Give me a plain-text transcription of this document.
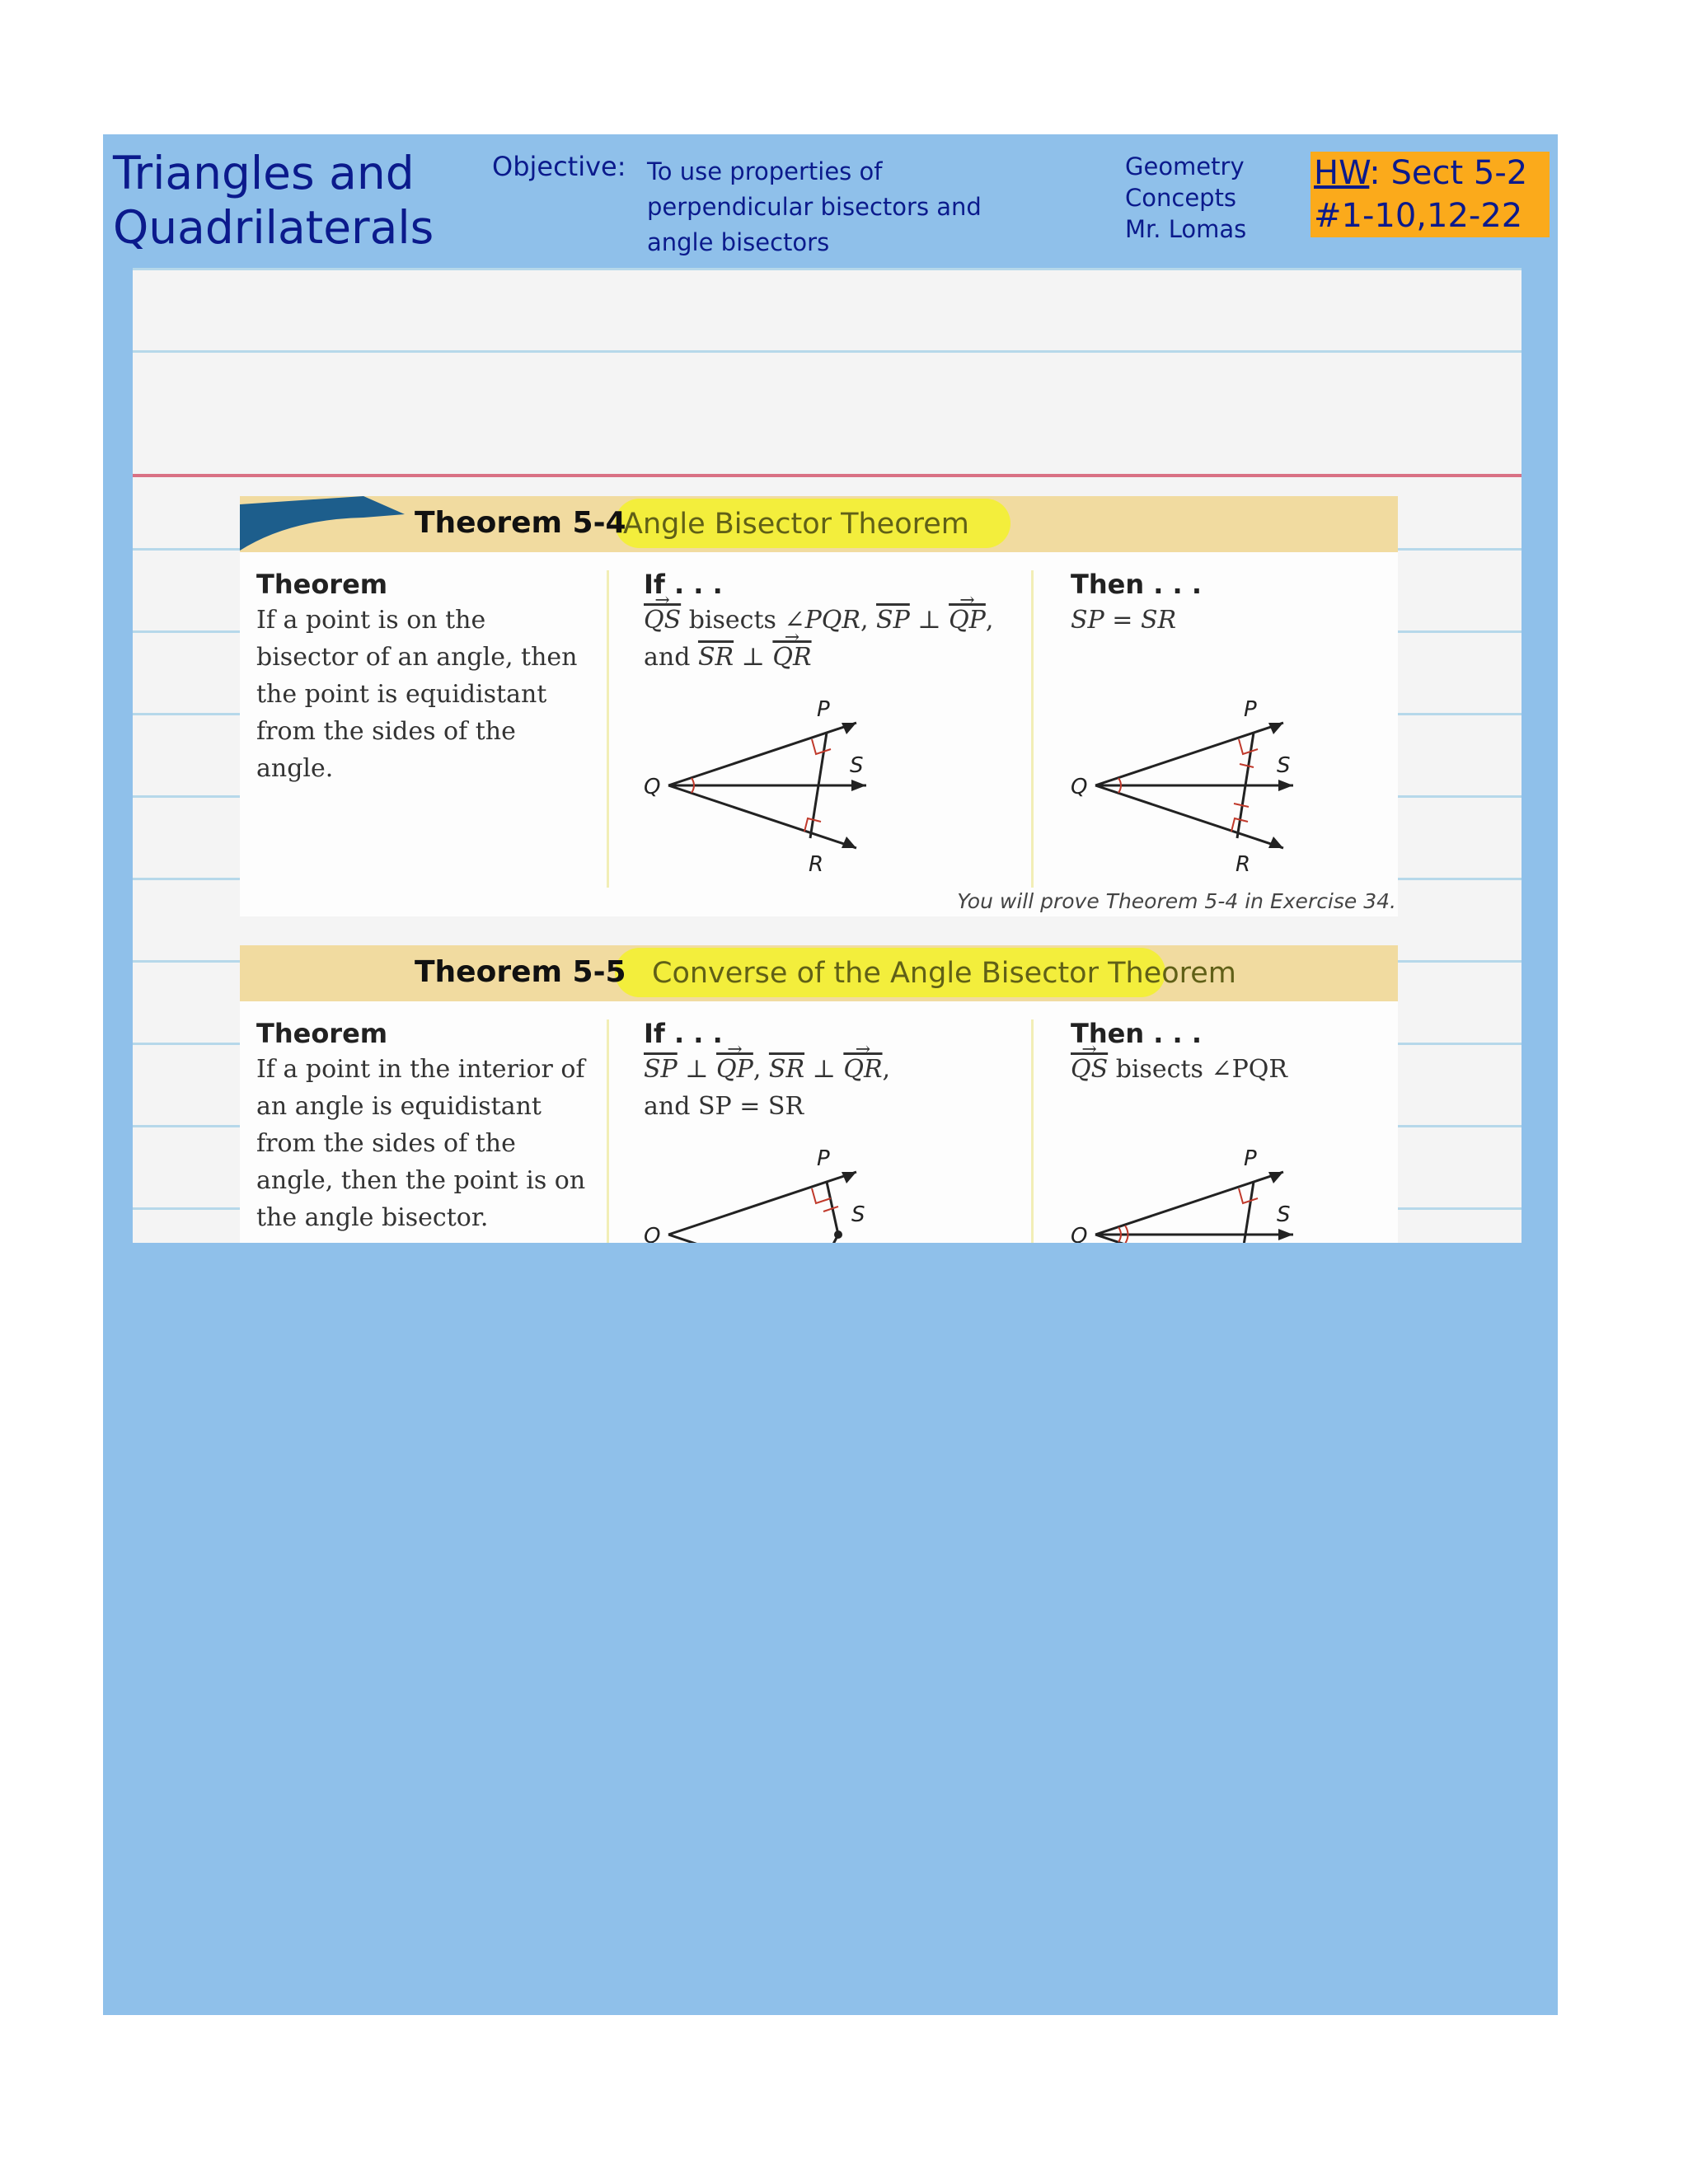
Triangles and
Quadrilaterals
Objective: To use properties of perpendicular bisectors and angle bisectors
Geometry
Concepts
Mr. Lomas
HW: Sect 5-2
#1-10,12-22
Theorem 5-4
Angle Bisector Theorem
Theorem
If a point is on the bisector of an angle, then the point is equidistant from the sides of the angle.
If . . .
→ $\overline{QS}$ bisects ∠PQR, $\overline{SP}$ ⊥ → $\overline{QP}$,
and $\overline{SR}$ ⊥ → $\overline{QR}$
Then . . .
SP = SR
Q
P
S
R
Q
P
S
R
You will prove Theorem 5-4 in Exercise 34.
Theorem 5-5 Converse of the Angle Bisector Theorem
Theorem
If a point in the interior of an angle is equidistant from the sides of the angle, then the point is on the angle bisector.
If . . .
$\overline{SP}$ ⊥ → $\overline{QP}$, $\overline{SR}$ ⊥ → $\overline{QR}$,
and SP = SR
Then . . .
→ $\overline{QS}$ bisects ∠PQR
Q
P
S
R
Q
P
S
R
